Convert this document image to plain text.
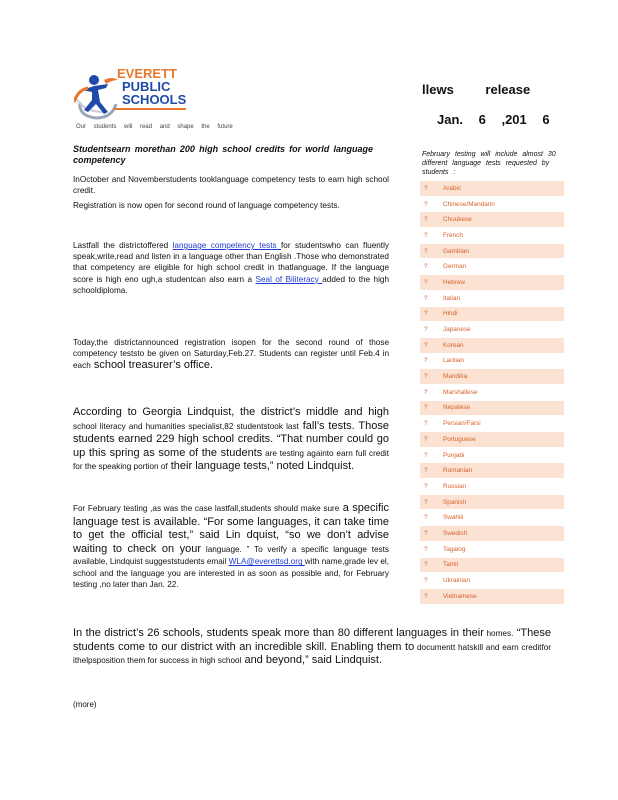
EVERETT
PUBLIC
SCHOOLS
Our students will read and shape the future
llews release
Jan. 6 ,201 6
Studentsearn morethan 200 high school credits for world language competency
InOctober and Novemberstudents tooklanguage competency tests to earn high school credit.
Registration is now open for second round of language competency tests.
Lastfall the districtoffered language competency tests for studentswho can fluently speak,write,read and listen in a language other than English .Those who demonstrated that competency are eligible for high school credit in thatlanguage. If the language score is high eno ugh,a studentcan also earn a Seal of Biliteracy added to the high schooldiploma.
Today,the districtannounced registration isopen for the second round of those competency teststo be given on Saturday,Feb.27. Students can register until Feb.4 in each school treasurer’s office.
According to Georgia Lindquist, the district’s middle and high school literacy and humanities specialist,82 studentstook last fall’s tests. Those students earned 229 high school credits. “That number could go up this spring as some of the students are testing againto earn full credit for the speaking portion of their language tests,” noted Lindquist.
For February testing ,as was the case lastfall,students should make sure a specific language test is available. “For some languages, it can take time to get the official test,” said Lin dquist, “so we don’t advise waiting to check on your language. ” To verify a specific language tests available, Lindquist suggeststudents email WLA@everettsd.org with name,grade lev el, school and the language you are interested in as soon as possible and, for February testing ,no later than Jan. 22.
In the district’s 26 schools, students speak more than 80 different languages in their homes. “These students come to our district with an incredible skill. Enabling them to documentt hatskill and earn creditfor ithelpsposition them for success in high school and beyond,” said Lindquist.
(more)
February testing will include almost 30 different language tests requested by students :
?	Arabic
?	Chinese/Mandarin
?	Chuukese
?	French
?	Gambian
?	German
?	Hebrew
?	Italian
?	Hindi
?	Japanese
?	Korean
?	Laotian
?	Mandika
?	Marshallese
?	Nepalese
?	Persian/Farsi
?	Portuguese
?	Punjabi
?	Romanian
?	Russian
?	Spanish
?	Swahili
?	Swedish
?	Tagalog
?	Tamil
?	Ukrainian
?	Vietnamese
